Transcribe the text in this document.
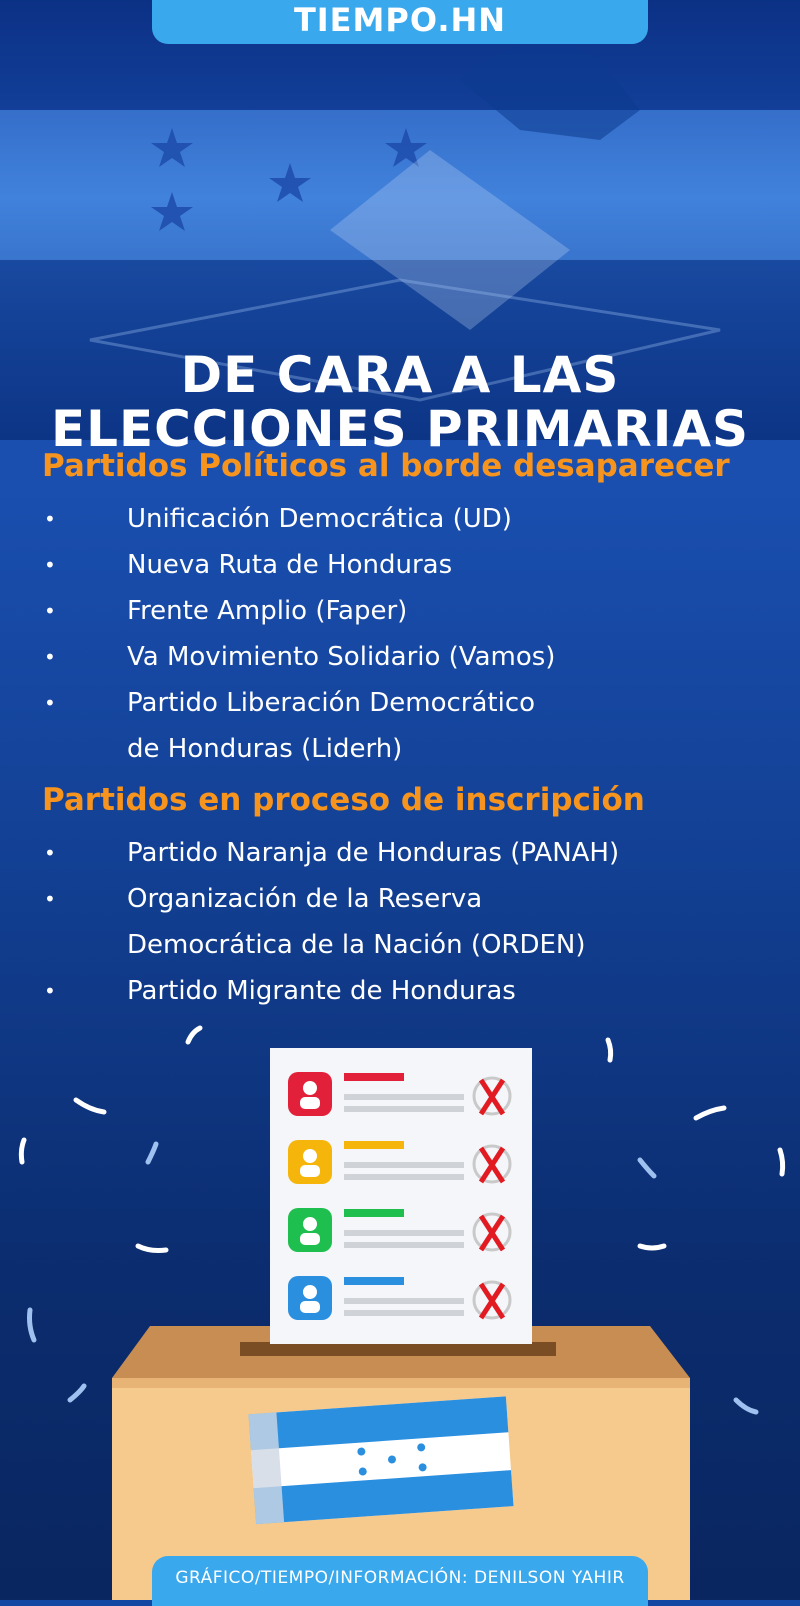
TIEMPO.HN
DE CARA A LAS
ELECCIONES PRIMARIAS
Partidos Políticos al borde desaparecer
•	Unificación Democrática (UD)
•	Nueva Ruta de Honduras
•	Frente Amplio (Faper)
•	Va Movimiento Solidario (Vamos)
•	Partido Liberación Democrático
de Honduras (Liderh)
Partidos en proceso de inscripción
•	Partido Naranja de Honduras (PANAH)
•	Organización de la Reserva
Democrática de la Nación (ORDEN)
•	Partido Migrante de Honduras
GRÁFICO/TIEMPO/INFORMACIÓN: DENILSON YAHIR
